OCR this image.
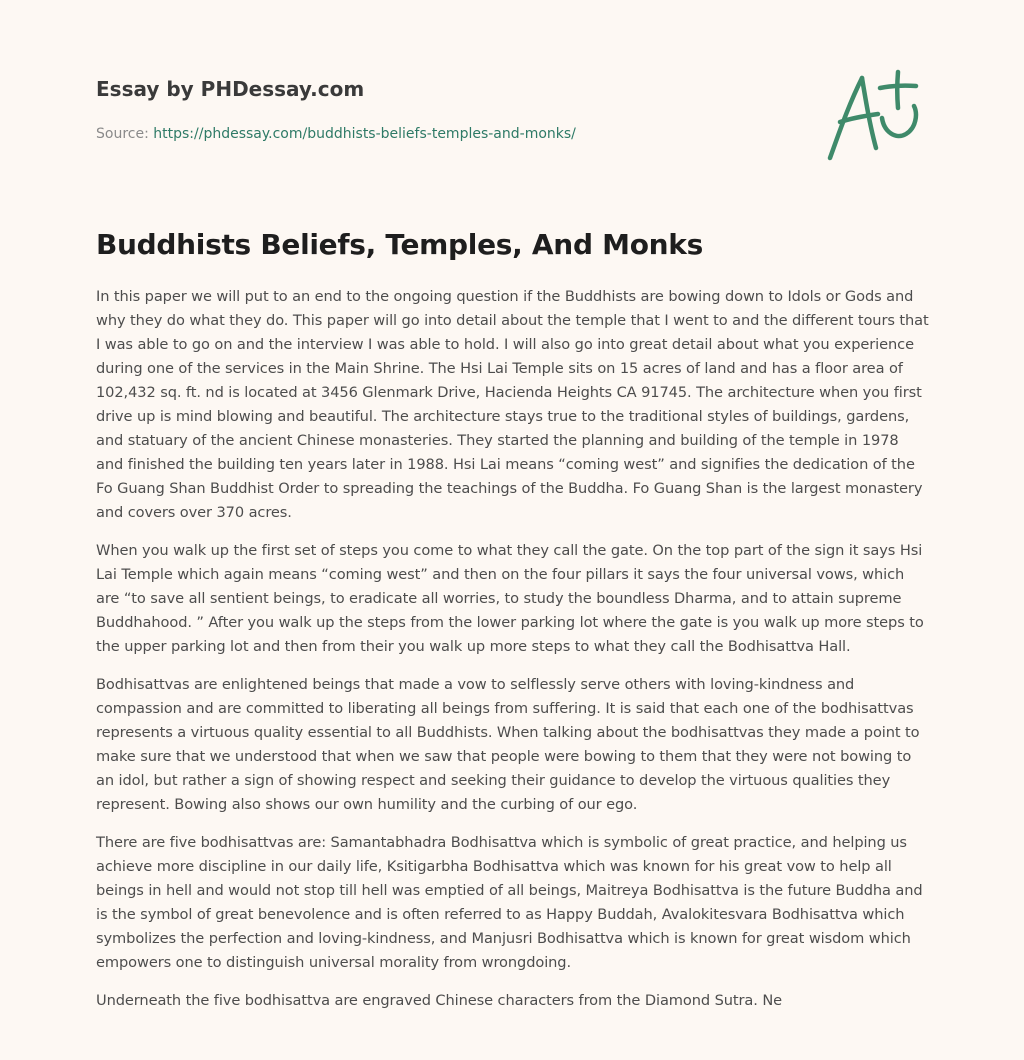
Essay by PHDessay.com
Source: https://phdessay.com/buddhists-beliefs-temples-and-monks/
Buddhists Beliefs, Temples, And Monks

In this paper we will put to an end to the ongoing question if the Buddhists are bowing down to Idols or Gods and why they do what they do. This paper will go into detail about the temple that I went to and the different tours that I was able to go on and the interview I was able to hold. I will also go into great detail about what you experience during one of the services in the Main Shrine. The Hsi Lai Temple sits on 15 acres of land and has a floor area of 102,432 sq. ft. nd is located at 3456 Glenmark Drive, Hacienda Heights CA 91745. The architecture when you first drive up is mind blowing and beautiful. The architecture stays true to the traditional styles of buildings, gardens, and statuary of the ancient Chinese monasteries. They started the planning and building of the temple in 1978 and finished the building ten years later in 1988. Hsi Lai means “coming west” and signifies the dedication of the Fo Guang Shan Buddhist Order to spreading the teachings of the Buddha. Fo Guang Shan is the largest monastery and covers over 370 acres.

When you walk up the first set of steps you come to what they call the gate. On the top part of the sign it says Hsi Lai Temple which again means “coming west” and then on the four pillars it says the four universal vows, which are “to save all sentient beings, to eradicate all worries, to study the boundless Dharma, and to attain supreme Buddhahood. ” After you walk up the steps from the lower parking lot where the gate is you walk up more steps to the upper parking lot and then from their you walk up more steps to what they call the Bodhisattva Hall.

Bodhisattvas are enlightened beings that made a vow to selflessly serve others with loving-kindness and compassion and are committed to liberating all beings from suffering. It is said that each one of the bodhisattvas represents a virtuous quality essential to all Buddhists. When talking about the bodhisattvas they made a point to make sure that we understood that when we saw that people were bowing to them that they were not bowing to an idol, but rather a sign of showing respect and seeking their guidance to develop the virtuous qualities they represent. Bowing also shows our own humility and the curbing of our ego.

There are five bodhisattvas are: Samantabhadra Bodhisattva which is symbolic of great practice, and helping us achieve more discipline in our daily life, Ksitigarbha Bodhisattva which was known for his great vow to help all beings in hell and would not stop till hell was emptied of all beings, Maitreya Bodhisattva is the future Buddha and is the symbol of great benevolence and is often referred to as Happy Buddah, Avalokitesvara Bodhisattva which symbolizes the perfection and loving-kindness, and Manjusri Bodhisattva which is known for great wisdom which empowers one to distinguish universal morality from wrongdoing.

Underneath the five bodhisattva are engraved Chinese characters from the Diamond Sutra. Ne
